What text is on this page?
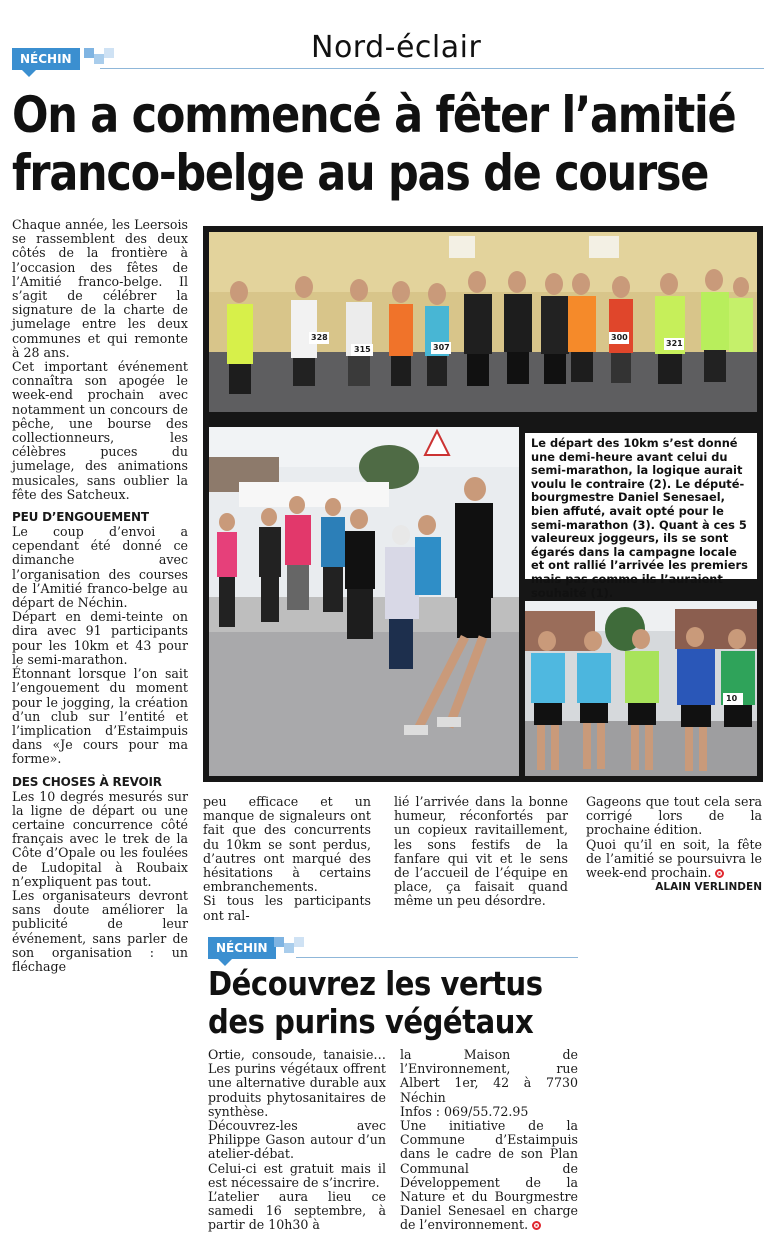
NÉCHIN	Nord-éclair
On a commencé à fêter l’amitié
franco-belge au pas de course

Chaque année, les Leersois se rassemblent des deux côtés de la frontière à l’occasion des fêtes de l’Amitié franco-belge. Il s’agit de célébrer la signature de la charte de jumelage entre les deux communes et qui remonte à 28 ans.

Cet important événement connaîtra son apogée le week-end prochain avec notamment un concours de pêche, une bourse des collectionneurs, les célèbres puces du jumelage, des animations musicales, sans oublier la fête des Satcheux.

PEU D’ENGOUEMENT

Le coup d’envoi a cependant été donné ce dimanche avec l’organisation des courses de l’Amitié franco-belge au départ de Néchin.

Départ en demi-teinte on dira avec 91 participants pour les 10km et 43 pour le semi-marathon.

Étonnant lorsque l’on sait l’engouement du moment pour le jogging, la création d’un club sur l’entité et l’implication d’Estaimpuis dans «Je cours pour ma forme».

DES CHOSES À REVOIR

Les 10 degrés mesurés sur la ligne de départ ou une certaine concurrence côté français avec le trek de la Côte d’Opale ou les foulées de Ludopital à Roubaix n’expliquent pas tout.

Les organisateurs devront sans doute améliorer la publicité de leur événement, sans parler de son organisation : un fléchage

328
315	307
300
321
Le départ des 10km s’est donné une demi-heure avant celui du semi-marathon, la logique aurait voulu le contraire (2). Le député-bourgmestre Daniel Senesael, bien affuté, avait opté pour le semi-marathon (3). Quant à ces 5 valeureux joggeurs, ils se sont égarés dans la campagne locale et ont rallié l’arrivée les premiers mais pas comme ils l’auraient souhaité (1).

10

peu efficace et un manque de signaleurs ont fait que des concurrents du 10km se sont perdus, d’autres ont marqué des hésitations à certains embranchements.

Si tous les participants ont ral-

lié l’arrivée dans la bonne humeur, réconfortés par un copieux ravitaillement, les sons festifs de la fanfare qui vit et le sens de l’accueil de l’équipe en place, ça faisait quand même un peu désordre.

Gageons que tout cela sera corrigé lors de la prochaine édition.

Quoi qu’il en soit, la fête de l’amitié se poursuivra le week-end prochain.

ALAIN VERLINDEN
NÉCHIN
Découvrez les vertus
des purins végétaux

Ortie, consoude, tanaisie… Les purins végétaux offrent une alternative durable aux produits phytosanitaires de synthèse.

Découvrez-les avec Philippe Gason autour d’un atelier-débat.

Celui-ci est gratuit mais il est nécessaire de s’incrire.

L’atelier aura lieu ce samedi 16 septembre, à partir de 10h30 à

la Maison de l’Environnement, rue Albert 1er, 42 à 7730 Néchin

Infos : 069/55.72.95

Une initiative de la Commune d’Estaimpuis dans le cadre de son Plan Communal de Développement de la Nature et du Bourgmestre Daniel Senesael en charge de l’environnement.
